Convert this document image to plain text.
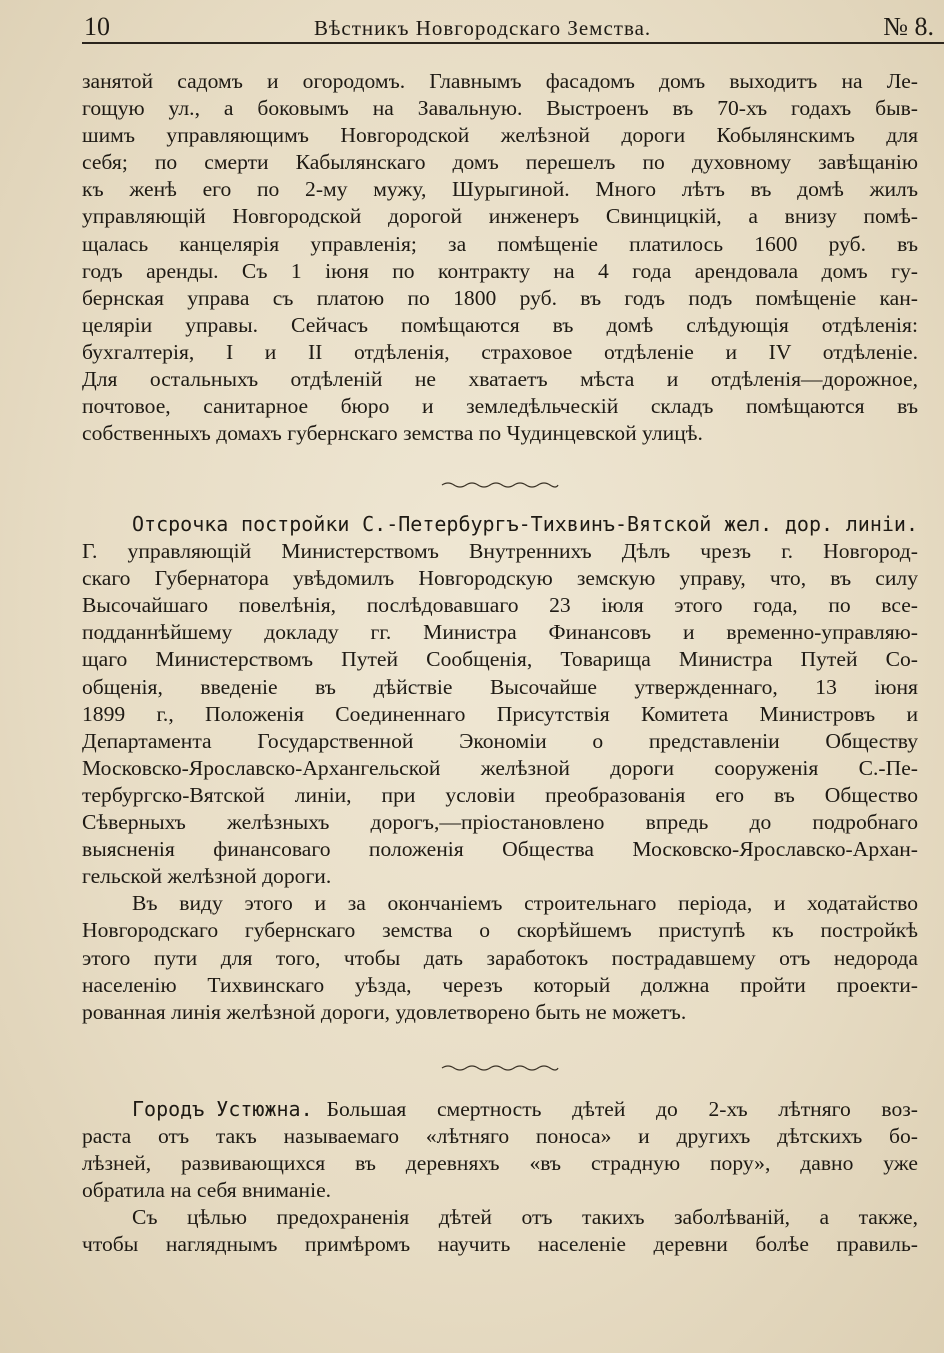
10	Вѣстникъ Новгородскаго Земства.	№ 8.
занятой садомъ и огородомъ. Главнымъ фасадомъ домъ выходитъ на Ле-
гощую ул., а боковымъ на Завальную. Выстроенъ въ 70-хъ годахъ быв-
шимъ управляющимъ Новгородской желѣзной дороги Кобылянскимъ для
себя; по смерти Кабылянскаго домъ перешелъ по духовному завѣщанію
къ женѣ его по 2-му мужу, Шурыгиной. Много лѣтъ въ домѣ жилъ
управляющій Новгородской дорогой инженеръ Свинцицкій, а внизу помѣ-
щалась канцелярія управленія; за помѣщеніе платилось 1600 руб. въ
годъ аренды. Съ 1 іюня по контракту на 4 года арендовала домъ гу-
бернская управа съ платою по 1800 руб. въ годъ подъ помѣщеніе кан-
целяріи управы. Сейчасъ помѣщаются въ домѣ слѣдующія отдѣленія:
бухгалтерія, I и II отдѣленія, страховое отдѣленіе и IV отдѣленіе.
Для остальныхъ отдѣленій не хватаетъ мѣста и отдѣленія—дорожное,
почтовое, санитарное бюро и земледѣльческій складъ помѣщаются въ
собственныхъ домахъ губернскаго земства по Чудинцевской улицѣ.
Отсрочка постройки С.-Петербургъ-Тихвинъ-Вятской жел. дор. линіи.
Г. управляющій Министерствомъ Внутреннихъ Дѣлъ чрезъ г. Новгород-
скаго Губернатора увѣдомилъ Новгородскую земскую управу, что, въ силу
Высочайшаго повелѣнія, послѣдовавшаго 23 іюля этого года, по все-
подданнѣйшему докладу гг. Министра Финансовъ и временно-управляю-
щаго Министерствомъ Путей Сообщенія, Товарища Министра Путей Со-
общенія, введеніе въ дѣйствіе Высочайше утвержденнаго, 13 іюня
1899 г., Положенія Соединеннаго Присутствія Комитета Министровъ и
Департамента Государственной Экономіи о представленіи Обществу
Московско-Ярославско-Архангельской желѣзной дороги сооруженія С.-Пе-
тербургско-Вятской линіи, при условіи преобразованія его въ Общество
Сѣверныхъ желѣзныхъ дорогъ,—пріостановлено впредь до подробнаго
выясненія финансоваго положенія Общества Московско-Ярославско-Архан-
гельской желѣзной дороги.
Въ виду этого и за окончаніемъ строительнаго періода, и ходатайство
Новгородскаго губернскаго земства о скорѣйшемъ приступѣ къ постройкѣ
этого пути для того, чтобы дать заработокъ пострадавшему отъ недорода
населенію Тихвинскаго уѣзда, черезъ который должна пройти проекти-
рованная линія желѣзной дороги, удовлетворено быть не можетъ.
Городъ Устюжна. Большая смертность дѣтей до 2-хъ лѣтняго воз-
раста отъ такъ называемаго «лѣтняго поноса» и другихъ дѣтскихъ бо-
лѣзней, развивающихся въ деревняхъ «въ страдную пору», давно уже
обратила на себя вниманіе.
Съ цѣлью предохраненія дѣтей отъ такихъ заболѣваній, а также,
чтобы нагляднымъ примѣромъ научить населеніе деревни болѣе правиль-
